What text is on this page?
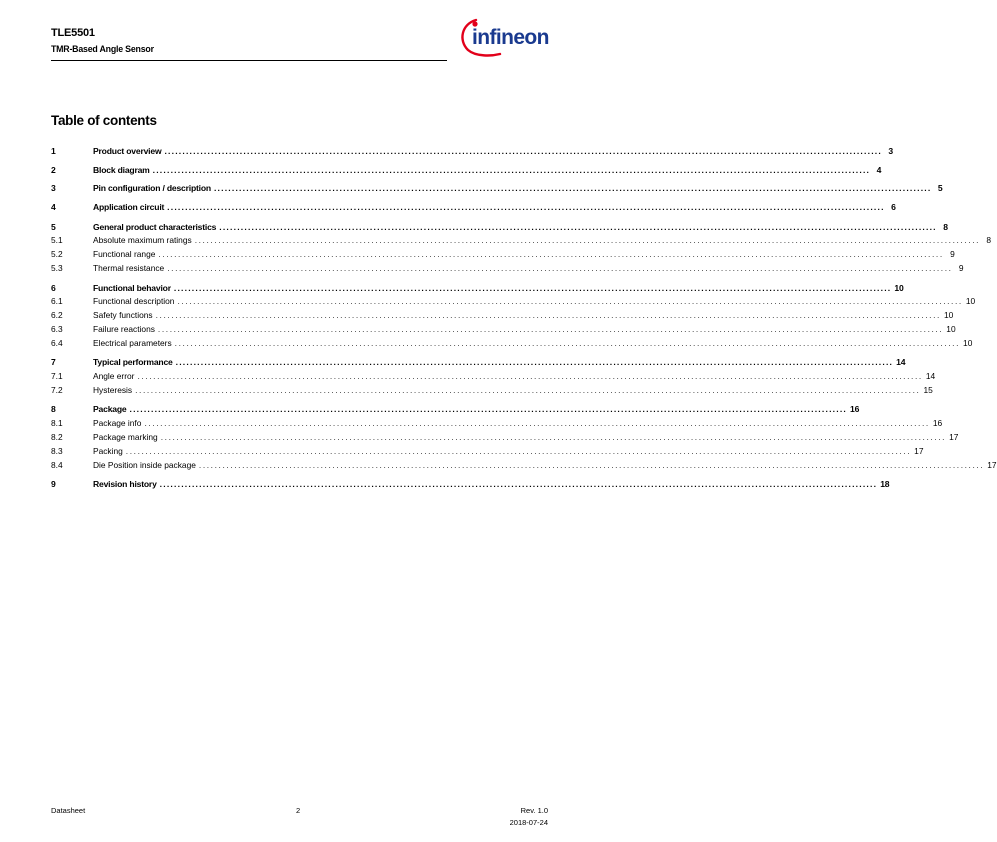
TLE5501
TMR-Based Angle Sensor	infineon
Table of contents
1	Product overview ........................................................................................................................................................................................................ 3
2	Block diagram ........................................................................................................................................................................................................ 4
3	Pin configuration / description ........................................................................................................................................................................................................ 5
4	Application circuit ........................................................................................................................................................................................................ 6
5	General product characteristics ........................................................................................................................................................................................................ 8
5.1	Absolute maximum ratings ........................................................................................................................................................................................................ 8
5.2	Functional range ........................................................................................................................................................................................................ 9
5.3	Thermal resistance ........................................................................................................................................................................................................ 9
6	Functional behavior ........................................................................................................................................................................................................ 10
6.1	Functional description ........................................................................................................................................................................................................ 10
6.2	Safety functions ........................................................................................................................................................................................................ 10
6.3	Failure reactions ........................................................................................................................................................................................................ 10
6.4	Electrical parameters ........................................................................................................................................................................................................ 10
7	Typical performance ........................................................................................................................................................................................................ 14
7.1	Angle error ........................................................................................................................................................................................................ 14
7.2	Hysteresis ........................................................................................................................................................................................................ 15
8	Package ........................................................................................................................................................................................................ 16
8.1	Package info ........................................................................................................................................................................................................ 16
8.2	Package marking ........................................................................................................................................................................................................ 17
8.3	Packing ........................................................................................................................................................................................................ 17
8.4	Die Position inside package ........................................................................................................................................................................................................ 17
9	Revision history ........................................................................................................................................................................................................ 18
Datasheet	2	Rev. 1.0
2018-07-24
